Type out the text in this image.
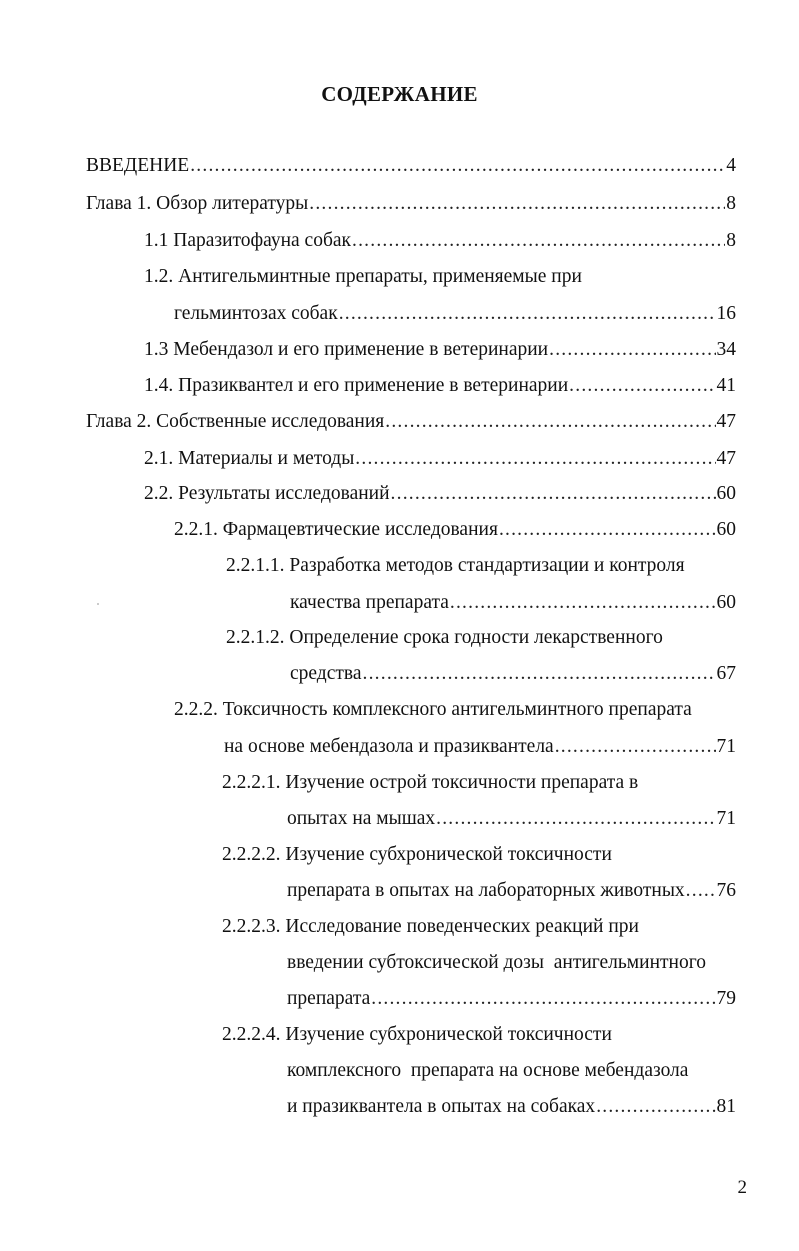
СОДЕРЖАНИЕ
ВВЕДЕНИЕ .....	4
Глава 1. Обзор литературы .....	8
1.1 Паразитофауна собак .....	8
1.2. Антигельминтные препараты, применяемые при
гельминтозах собак .....	16
1.3 Мебендазол и его применение в ветеринарии .....	34
1.4. Празиквантел и его применение в ветеринарии .....	41
Глава 2. Собственные исследования .....	47
2.1. Материалы и методы .....	47
2.2. Результаты исследований .....	60
2.2.1. Фармацевтические исследования .....	60
2.2.1.1. Разработка методов стандартизации и контроля
качества препарата .....	60
2.2.1.2. Определение срока годности лекарственного
средства .....	67
2.2.2. Токсичность комплексного антигельминтного препарата
на основе мебендазола и празиквантела .....	71
2.2.2.1. Изучение острой токсичности препарата в
опытах на мышах .....	71
2.2.2.2. Изучение субхронической токсичности
препарата в опытах на лабораторных животных ..... 76
2.2.2.3. Исследование поведенческих реакций при
введении субтоксической дозы  антигельминтного
препарата .....	79
2.2.2.4. Изучение субхронической токсичности
комплексного  препарата на основе мебендазола
и празиквантела в опытах на собаках .....	81
2
